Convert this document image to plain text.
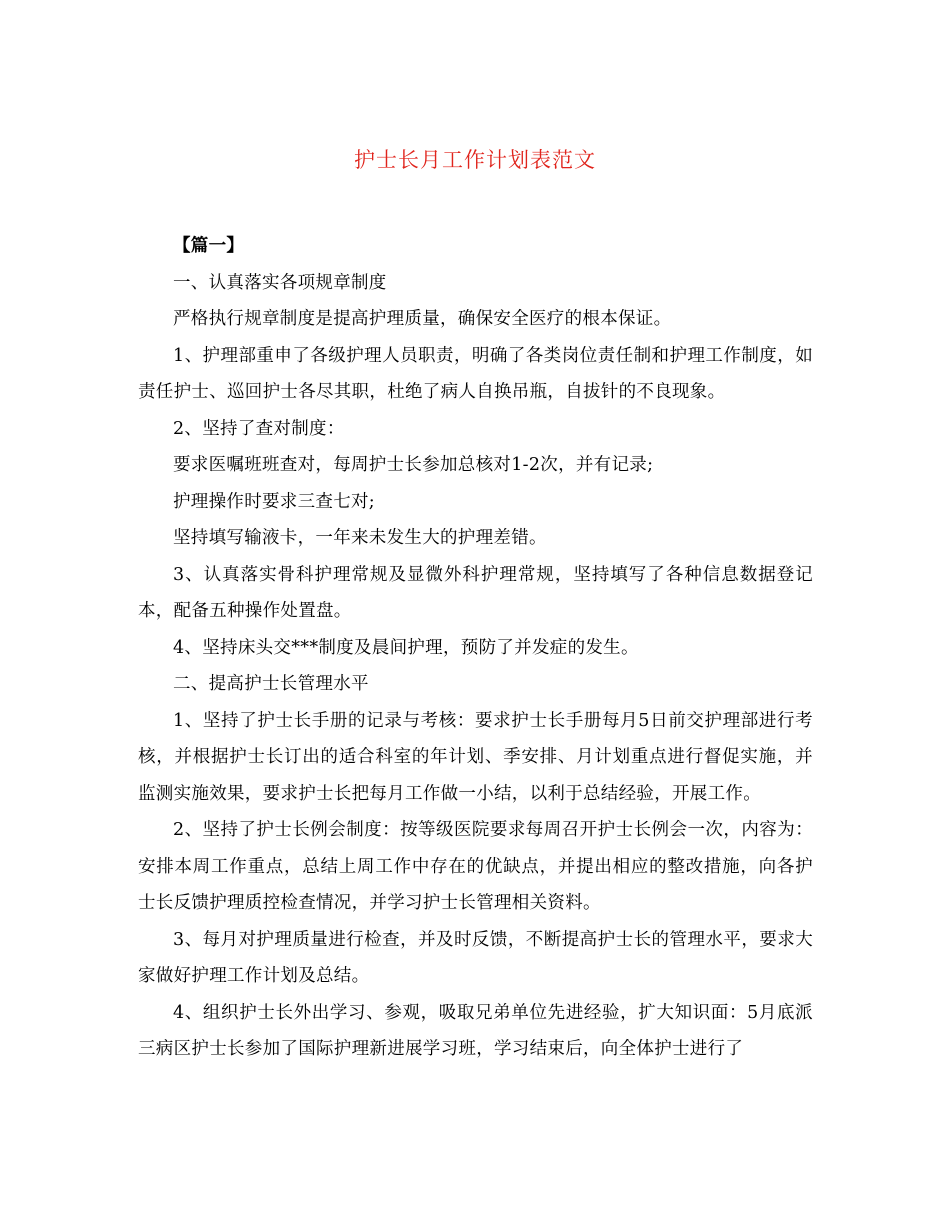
护士长月工作计划表范文

【篇一】

一、认真落实各项规章制度

严格执行规章制度是提高护理质量，确保安全医疗的根本保证。

1、护理部重申了各级护理人员职责，明确了各类岗位责任制和护理工作制度，如责任护士、巡回护士各尽其职，杜绝了病人自换吊瓶，自拔针的不良现象。

2、坚持了查对制度：

要求医嘱班班查对，每周护士长参加总核对1-2次，并有记录;

护理操作时要求三查七对;

坚持填写输液卡，一年来未发生大的护理差错。

3、认真落实骨科护理常规及显微外科护理常规，坚持填写了各种信息数据登记本，配备五种操作处置盘。

4、坚持床头交***制度及晨间护理，预防了并发症的发生。

二、提高护士长管理水平

1、坚持了护士长手册的记录与考核：要求护士长手册每月5日前交护理部进行考核，并根据护士长订出的适合科室的年计划、季安排、月计划重点进行督促实施，并监测实施效果，要求护士长把每月工作做一小结，以利于总结经验，开展工作。

2、坚持了护士长例会制度：按等级医院要求每周召开护士长例会一次，内容为：安排本周工作重点，总结上周工作中存在的优缺点，并提出相应的整改措施，向各护士长反馈护理质控检查情况，并学习护士长管理相关资料。

3、每月对护理质量进行检查，并及时反馈，不断提高护士长的管理水平，要求大家做好护理工作计划及总结。

4、组织护士长外出学习、参观，吸取兄弟单位先进经验，扩大知识面：5月底派三病区护士长参加了国际护理新进展学习班，学习结束后，向全体护士进行了
